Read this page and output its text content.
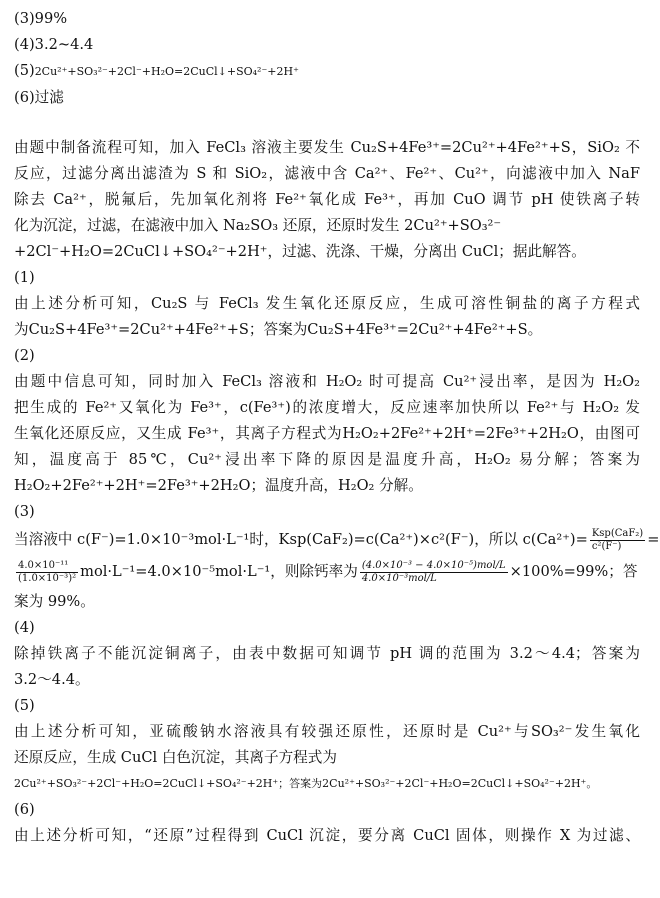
(3)99%
(4)3.2~4.4
(5)2Cu²⁺+SO₃²⁻+2Cl⁻+H₂O=2CuCl↓+SO₄²⁻+2H⁺
(6)过滤
由题中制备流程可知，加入 FeCl₃ 溶液主要发生 Cu₂S+4Fe³⁺=2Cu²⁺+4Fe²⁺+S，SiO₂ 不
反应，过滤分离出滤渣为 S 和 SiO₂，滤液中含 Ca²⁺、Fe²⁺、Cu²⁺，向滤液中加入 NaF
除去 Ca²⁺，脱氟后，先加氧化剂将 Fe²⁺氧化成 Fe³⁺，再加 CuO 调节 pH 使铁离子转
化为沉淀，过滤，在滤液中加入 Na₂SO₃ 还原，还原时发生 2Cu²⁺+SO₃²⁻
+2Cl⁻+H₂O=2CuCl↓+SO₄²⁻+2H⁺，过滤、洗涤、干燥，分离出 CuCl；据此解答。
(1)
由上述分析可知，Cu₂S 与 FeCl₃ 发生氧化还原反应，生成可溶性铜盐的离子方程式
为Cu₂S+4Fe³⁺=2Cu²⁺+4Fe²⁺+S；答案为Cu₂S+4Fe³⁺=2Cu²⁺+4Fe²⁺+S。
(2)
由题中信息可知，同时加入 FeCl₃ 溶液和 H₂O₂ 时可提高 Cu²⁺浸出率，是因为 H₂O₂
把生成的 Fe²⁺又氧化为 Fe³⁺，c(Fe³⁺)的浓度增大，反应速率加快所以 Fe²⁺与 H₂O₂ 发
生氧化还原反应，又生成 Fe³⁺，其离子方程式为H₂O₂+2Fe²⁺+2H⁺=2Fe³⁺+2H₂O，由图可
知，温度高于 85℃，Cu²⁺浸出率下降的原因是温度升高，H₂O₂ 易分解；答案为
H₂O₂+2Fe²⁺+2H⁺=2Fe³⁺+2H₂O；温度升高，H₂O₂ 分解。
(3)
当溶液中 c(F⁻)=1.0×10⁻³mol·L⁻¹时，Ksp(CaF₂)=c(Ca²⁺)×c²(F⁻)，所以 $c(Ca^{2+})= \frac{\text{Ksp(CaF₂)}}{\text{c²(F⁻)}}$ =
$\frac{\text{4.0×10⁻¹¹}}{\text{(1.0×10⁻³)²}} mol\cdot L^{-1}=4.0\times 10^{-5}mol\cdot L^{-1}$，则除钙率为 $\frac{\text{(4.0×10⁻³ − 4.0×10⁻⁵)mol/L}}{\text{4.0×10⁻³mol/L}} \times 100\%=99\%$；答
案为 99%。
(4)
除掉铁离子不能沉淀铜离子，由表中数据可知调节 pH 调的范围为 3.2～4.4；答案为
3.2～4.4。
(5)
由上述分析可知，亚硫酸钠水溶液具有较强还原性，还原时是 Cu²⁺与SO₃²⁻发生氧化
还原反应，生成 CuCl 白色沉淀，其离子方程式为
2Cu²⁺+SO₃²⁻+2Cl⁻+H₂O=2CuCl↓+SO₄²⁻+2H⁺；答案为2Cu²⁺+SO₃²⁻+2Cl⁻+H₂O=2CuCl↓+SO₄²⁻+2H⁺。
(6)
由上述分析可知，“还原”过程得到 CuCl 沉淀，要分离 CuCl 固体，则操作 X 为过滤、
